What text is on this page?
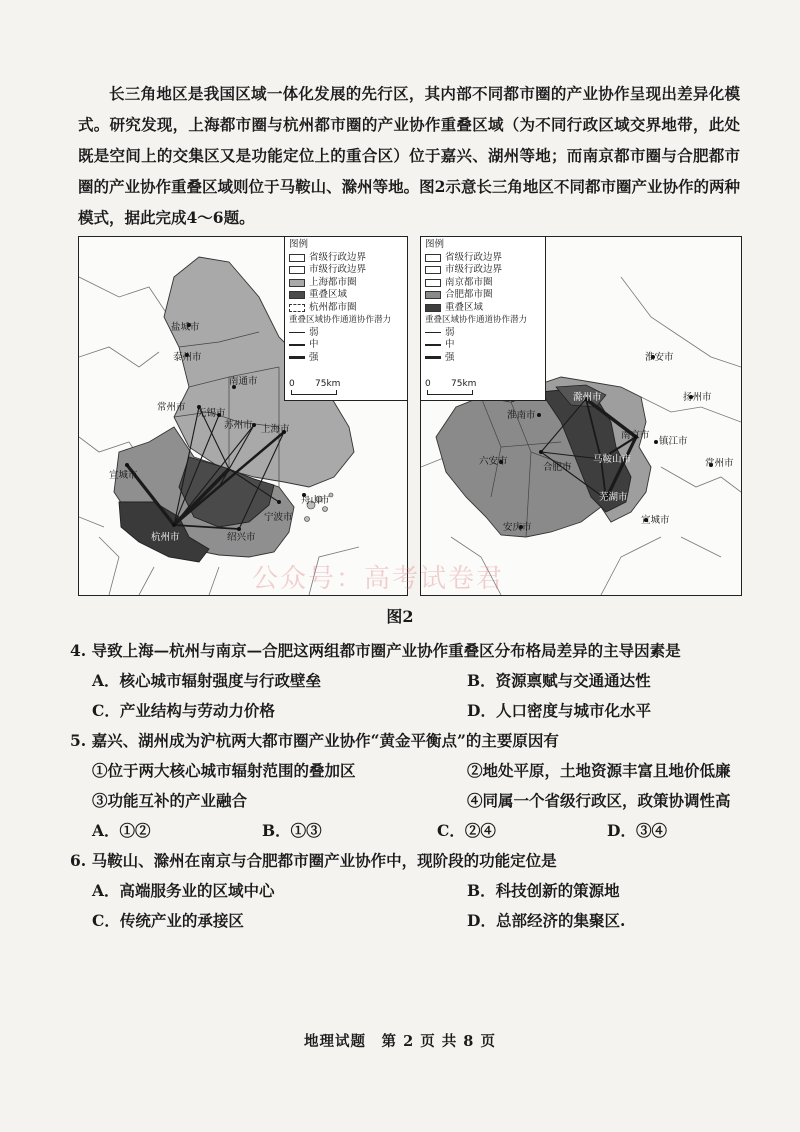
长三角地区是我国区域一体化发展的先行区，其内部不同都市圈的产业协作呈现出差异化模式。研究发现，上海都市圈与杭州都市圈的产业协作重叠区域（为不同行政区域交界地带，此处既是空间上的交集区又是功能定位上的重合区）位于嘉兴、湖州等地；而南京都市圈与合肥都市圈的产业协作重叠区域则位于马鞍山、滁州等地。图2示意长三角地区不同都市圈产业协作的两种模式，据此完成4～6题。
图例
省级行政边界
市级行政边界
上海都市圈
重叠区域
杭州都市圈
重叠区域协作通道协作潜力
弱
中
强
0 75km
盐城市
泰州市
南通市
常州市
无锡市
苏州市 上海市
宣城市
杭州市	绍兴市
宁波市
舟山市
图例
省级行政边界
市级行政边界
南京都市圈
合肥都市圈
重叠区域
重叠区域协作通道协作潜力
弱
中
强
0 75km
淮安市
扬州市
淮南市
滁州市
南京市
镇江市
常州市
六安市
合肥市
马鞍山市
芜湖市
安庆市
宣城市
公众号：高考试卷君
图2
4. 导致上海—杭州与南京—合肥这两组都市圈产业协作重叠区分布格局差异的主导因素是
A．核心城市辐射强度与行政壁垒	B．资源禀赋与交通通达性
C．产业结构与劳动力价格	D．人口密度与城市化水平
5. 嘉兴、湖州成为沪杭两大都市圈产业协作“黄金平衡点”的主要原因有
①位于两大核心城市辐射范围的叠加区	②地处平原，土地资源丰富且地价低廉
③功能互补的产业融合	④同属一个省级行政区，政策协调性高
A．①②	B．①③	C．②④	D．③④
6. 马鞍山、滁州在南京与合肥都市圈产业协作中，现阶段的功能定位是
A．高端服务业的区域中心	B．科技创新的策源地
C．传统产业的承接区	D．总部经济的集聚区.
地理试题　第 2 页 共 8 页
